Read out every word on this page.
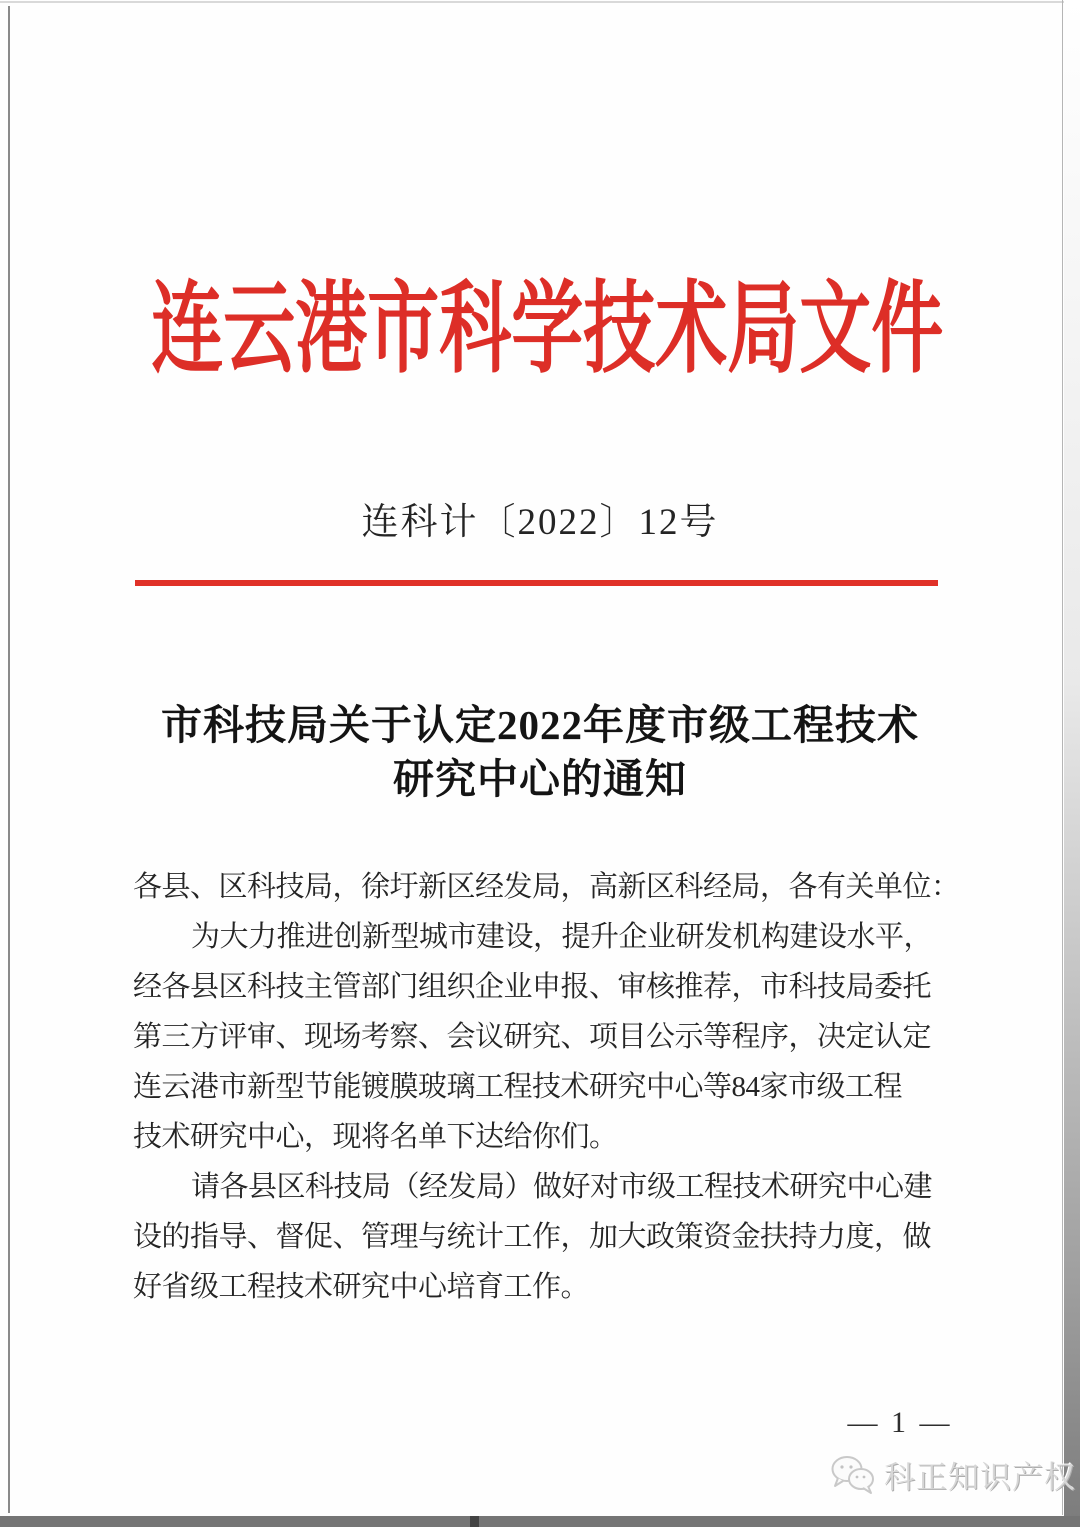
连云港市科学技术局文件
连科计〔2022〕12号
市科技局关于认定2022年度市级工程技术
研究中心的通知
各县、区科技局，徐圩新区经发局，高新区科经局，各有关单位：
为大力推进创新型城市建设，提升企业研发机构建设水平，
经各县区科技主管部门组织企业申报、审核推荐，市科技局委托
第三方评审、现场考察、会议研究、项目公示等程序，决定认定
连云港市新型节能镀膜玻璃工程技术研究中心等84家市级工程
技术研究中心，现将名单下达给你们。
请各县区科技局（经发局）做好对市级工程技术研究中心建
设的指导、督促、管理与统计工作，加大政策资金扶持力度，做
好省级工程技术研究中心培育工作。
— 1 —
科正知识产权
